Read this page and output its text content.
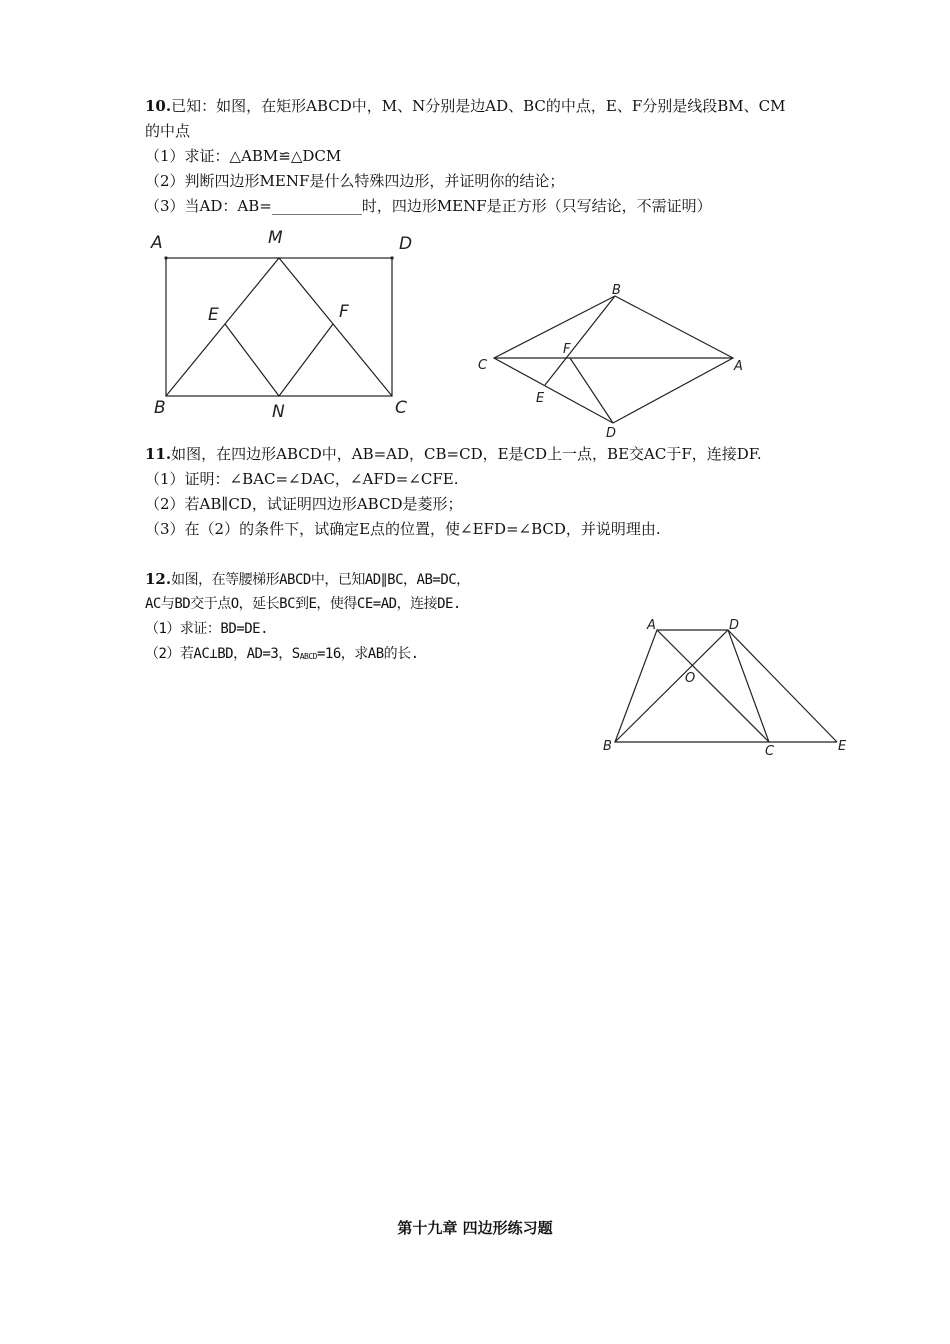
10.已知：如图，在矩形ABCD中，M、N分别是边AD、BC的中点，E、F分别是线段BM、CM
的中点
（1）求证：△ABM≌△DCM
（2）判断四边形MENF是什么特殊四边形，并证明你的结论；
（3）当AD：AB=____________时，四边形MENF是正方形（只写结论，不需证明）
A	M	D
E	F
B	N	C
B
F
C	A
E
D
11.如图，在四边形ABCD中，AB=AD，CB=CD，E是CD上一点，BE交AC于F，连接DF.
（1）证明：∠BAC=∠DAC，∠AFD=∠CFE.
（2）若AB∥CD，试证明四边形ABCD是菱形；
（3）在（2）的条件下，试确定E点的位置，使∠EFD=∠BCD，并说明理由.
12.如图，在等腰梯形ABCD中，已知AD∥BC，AB=DC，
AC与BD交于点O，延长BC到E，使得CE=AD，连接DE.
（1）求证：BD=DE.
（2）若AC⊥BD，AD=3，$S_{ABCD}=16$，求AB的长.
A	D
O
B	C	E
第十九章 四边形练习题
